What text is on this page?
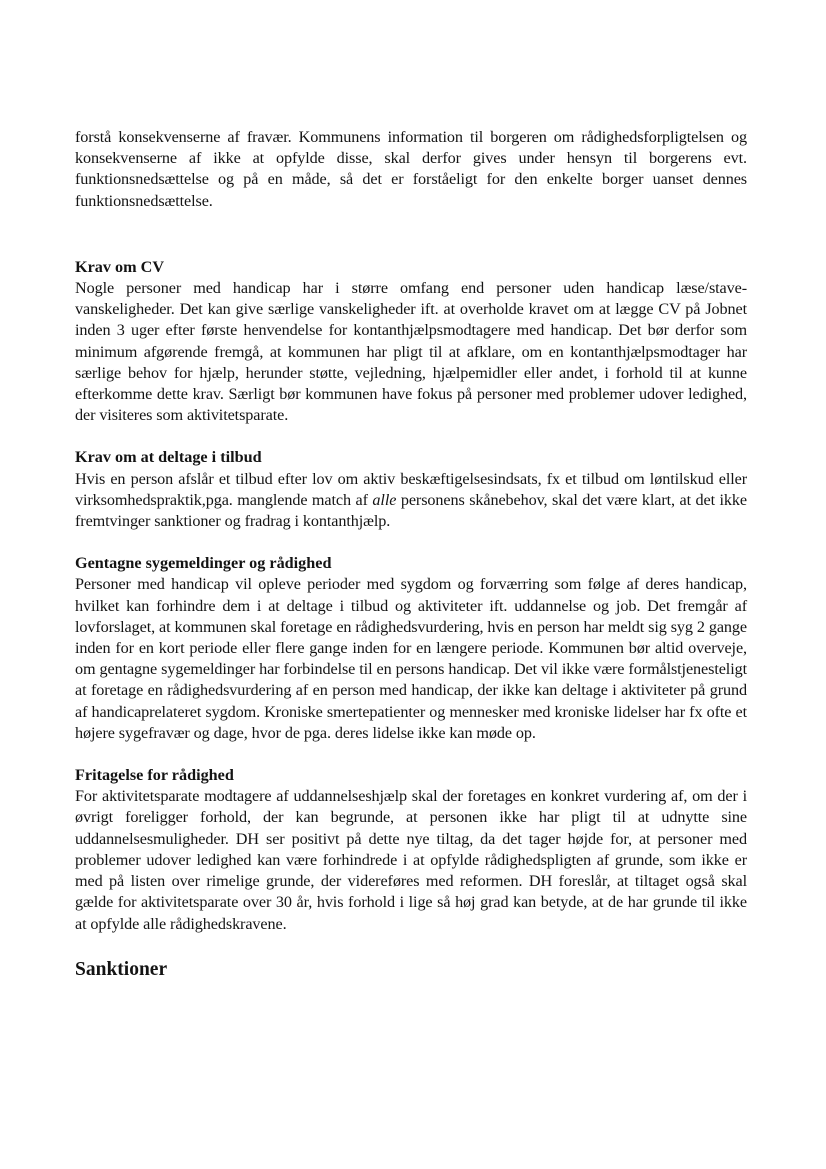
forstå konsekvenserne af fravær. Kommunens information til borgeren om rådighedsforpligtelsen og konsekvenserne af ikke at opfylde disse, skal derfor gives under hensyn til borgerens evt. funktionsnedsættelse og på en måde, så det er forståeligt for den enkelte borger uanset dennes funktionsnedsættelse.

Krav om CV

Nogle personer med handicap har i større omfang end personer uden handicap læse/stave-vanskeligheder. Det kan give særlige vanskeligheder ift. at overholde kravet om at lægge CV på Jobnet inden 3 uger efter første henvendelse for kontanthjælpsmodtagere med handicap. Det bør derfor som minimum afgørende fremgå, at kommunen har pligt til at afklare, om en kontanthjælpsmodtager har særlige behov for hjælp, herunder støtte, vejledning, hjælpemidler eller andet, i forhold til at kunne efterkomme dette krav. Særligt bør kommunen have fokus på personer med problemer udover ledighed, der visiteres som aktivitetsparate.

Krav om at deltage i tilbud

Hvis en person afslår et tilbud efter lov om aktiv beskæftigelsesindsats, fx et tilbud om løntilskud eller virksomhedspraktik,pga. manglende match af alle personens skånebehov, skal det være klart, at det ikke fremtvinger sanktioner og fradrag i kontanthjælp.

Gentagne sygemeldinger og rådighed

Personer med handicap vil opleve perioder med sygdom og forværring som følge af deres handicap, hvilket kan forhindre dem i at deltage i tilbud og aktiviteter ift. uddannelse og job. Det fremgår af lovforslaget, at kommunen skal foretage en rådighedsvurdering, hvis en person har meldt sig syg 2 gange inden for en kort periode eller flere gange inden for en længere periode. Kommunen bør altid overveje, om gentagne sygemeldinger har forbindelse til en persons handicap. Det vil ikke være formålstjenesteligt at foretage en rådighedsvurdering af en person med handicap, der ikke kan deltage i aktiviteter på grund af handicaprelateret sygdom. Kroniske smertepatienter og mennesker med kroniske lidelser har fx ofte et højere sygefravær og dage, hvor de pga. deres lidelse ikke kan møde op.

Fritagelse for rådighed

For aktivitetsparate modtagere af uddannelseshjælp skal der foretages en konkret vurdering af, om der i øvrigt foreligger forhold, der kan begrunde, at personen ikke har pligt til at udnytte sine uddannelsesmuligheder. DH ser positivt på dette nye tiltag, da det tager højde for, at personer med problemer udover ledighed kan være forhindrede i at opfylde rådighedspligten af grunde, som ikke er med på listen over rimelige grunde, der videreføres med reformen. DH foreslår, at tiltaget også skal gælde for aktivitetsparate over 30 år, hvis forhold i lige så høj grad kan betyde, at de har grunde til ikke at opfylde alle rådighedskravene.

Sanktioner
